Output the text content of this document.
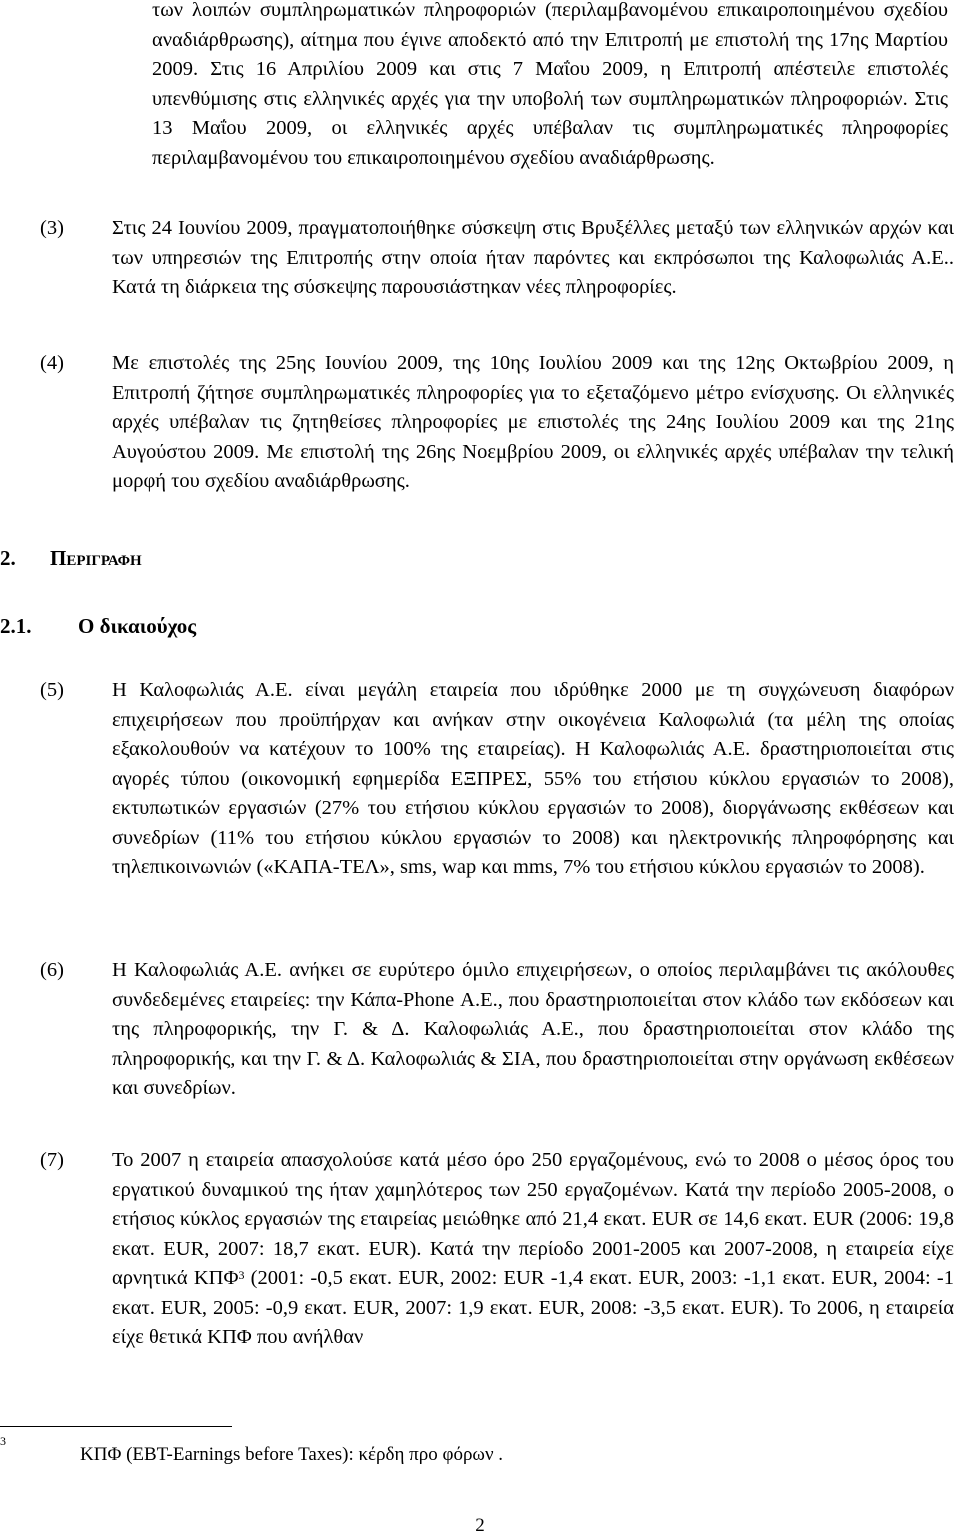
των λοιπών συμπληρωματικών πληροφοριών (περιλαμβανομένου επικαιροποιημένου σχεδίου αναδιάρθρωσης), αίτημα που έγινε αποδεκτό από την Επιτροπή με επιστολή της 17ης Μαρτίου 2009. Στις 16 Απριλίου 2009 και στις 7 Μαΐου 2009, η Επιτροπή απέστειλε επιστολές υπενθύμισης στις ελληνικές αρχές για την υποβολή των συμπληρωματικών πληροφοριών. Στις 13 Μαΐου 2009, οι ελληνικές αρχές υπέβαλαν τις συμπληρωματικές πληροφορίες περιλαμβανομένου του επικαιροποιημένου σχεδίου αναδιάρθρωσης.
(3) Στις 24 Ιουνίου 2009, πραγματοποιήθηκε σύσκεψη στις Βρυξέλλες μεταξύ των ελληνικών αρχών και των υπηρεσιών της Επιτροπής στην οποία ήταν παρόντες και εκπρόσωποι της Καλοφωλιάς Α.Ε.. Κατά τη διάρκεια της σύσκεψης παρουσιάστηκαν νέες πληροφορίες.
(4) Με επιστολές της 25ης Ιουνίου 2009, της 10ης Ιουλίου 2009 και της 12ης Οκτωβρίου 2009, η Επιτροπή ζήτησε συμπληρωματικές πληροφορίες για το εξεταζόμενο μέτρο ενίσχυσης. Οι ελληνικές αρχές υπέβαλαν τις ζητηθείσες πληροφορίες με επιστολές της 24ης Ιουλίου 2009 και της 21ης Αυγούστου 2009. Με επιστολή της 26ης Νοεμβρίου 2009, οι ελληνικές αρχές υπέβαλαν την τελική μορφή του σχεδίου αναδιάρθρωσης.
2. Περιγραφη
2.1. Ο δικαιούχος
(5) Η Καλοφωλιάς Α.Ε. είναι μεγάλη εταιρεία που ιδρύθηκε 2000 με τη συγχώνευση διαφόρων επιχειρήσεων που προϋπήρχαν και ανήκαν στην οικογένεια Καλοφωλιά (τα μέλη της οποίας εξακολουθούν να κατέχουν το 100% της εταιρείας). Η Καλοφωλιάς Α.Ε. δραστηριοποιείται στις αγορές τύπου (οικονομική εφημερίδα ΕΞΠΡΕΣ, 55% του ετήσιου κύκλου εργασιών το 2008), εκτυπωτικών εργασιών (27% του ετήσιου κύκλου εργασιών το 2008), διοργάνωσης εκθέσεων και συνεδρίων (11% του ετήσιου κύκλου εργασιών το 2008) και ηλεκτρονικής πληροφόρησης και τηλεπικοινωνιών («ΚΑΠΑ-ΤΕΛ», sms, wap και mms, 7% του ετήσιου κύκλου εργασιών το 2008).
(6) Η Καλοφωλιάς Α.Ε. ανήκει σε ευρύτερο όμιλο επιχειρήσεων, ο οποίος περιλαμβάνει τις ακόλουθες συνδεδεμένες εταιρείες: την Κάπα-Phone Α.Ε., που δραστηριοποιείται στον κλάδο των εκδόσεων και της πληροφορικής, την Γ. & Δ. Καλοφωλιάς Α.Ε., που δραστηριοποιείται στον κλάδο της πληροφορικής, και την Γ. & Δ. Καλοφωλιάς & ΣΙΑ, που δραστηριοποιείται στην οργάνωση εκθέσεων και συνεδρίων.
(7) Το 2007 η εταιρεία απασχολούσε κατά μέσο όρο 250 εργαζομένους, ενώ το 2008 ο μέσος όρος του εργατικού δυναμικού της ήταν χαμηλότερος των 250 εργαζομένων. Κατά την περίοδο 2005-2008, ο ετήσιος κύκλος εργασιών της εταιρείας μειώθηκε από 21,4 εκατ. EUR σε 14,6 εκατ. EUR (2006: 19,8 εκατ. EUR, 2007: 18,7 εκατ. EUR). Κατά την περίοδο 2001-2005 και 2007-2008, η εταιρεία είχε αρνητικά ΚΠΦ$^3$ (2001: -0,5 εκατ. EUR, 2002: EUR -1,4 εκατ. EUR, 2003: -1,1 εκατ. EUR, 2004: -1 εκατ. EUR, 2005: -0,9 εκατ. EUR, 2007: 1,9 εκατ. EUR, 2008: -3,5 εκατ. EUR). Το 2006, η εταιρεία είχε θετικά ΚΠΦ που ανήλθαν
3
ΚΠΦ (EBT-Earnings before Taxes): κέρδη προ φόρων .
2
